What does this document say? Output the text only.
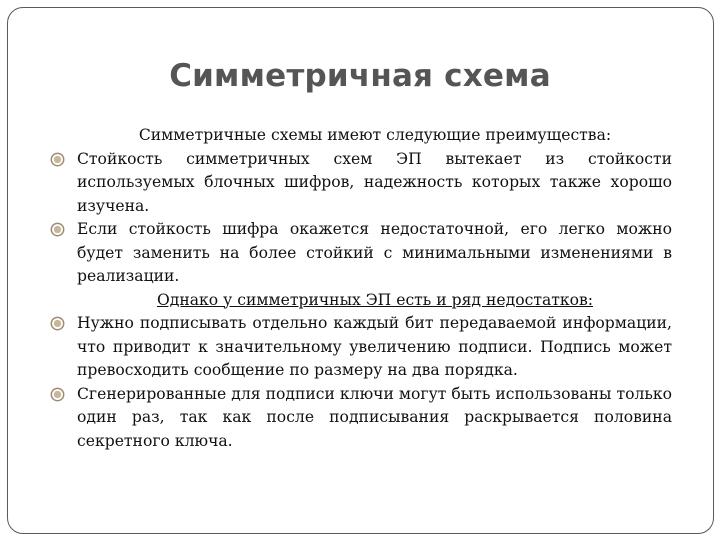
Симметричная схема

Симметричные схемы имеют следующие преимущества:

Стойкость симметричных схем ЭП вытекает из стойкости используемых блочных шифров, надежность которых также хорошо изучена.

Если стойкость шифра окажется недостаточной, его легко можно будет заменить на более стойкий с минимальными изменениями в реализации.

Однако у симметричных ЭП есть и ряд недостатков:

Нужно подписывать отдельно каждый бит передаваемой информации, что приводит к значительному увеличению подписи. Подпись может превосходить сообщение по размеру на два порядка.

Сгенерированные для подписи ключи могут быть использованы только один раз, так как после подписывания раскрывается половина секретного ключа.
